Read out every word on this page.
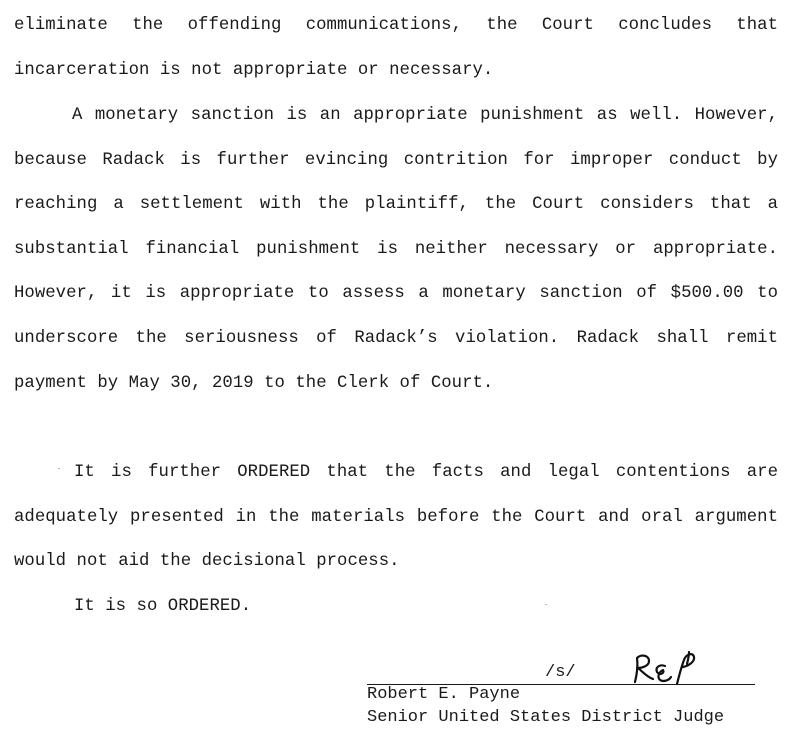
eliminate the offending communications, the Court concludes that incarceration is not appropriate or necessary.

A monetary sanction is an appropriate punishment as well. However, because Radack is further evincing contrition for improper conduct by reaching a settlement with the plaintiff, the Court considers that a substantial financial punishment is neither necessary or appropriate. However, it is appropriate to assess a monetary sanction of $500.00 to underscore the seriousness of Radack’s violation. Radack shall remit payment by May 30, 2019 to the Clerk of Court.

It is further ORDERED that the facts and legal contentions are adequately presented in the materials before the Court and oral argument would not aid the decisional process.

It is so ORDERED.

/s/
Robert E. Payne
Senior United States District Judge
